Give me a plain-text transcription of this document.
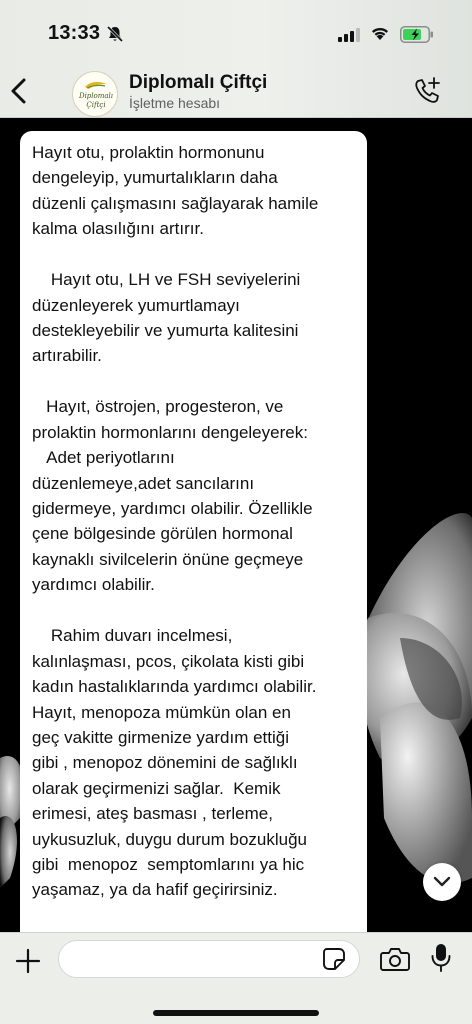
13:33
Diplomalı
Çiftçi
Diplomalı Çiftçi
İşletme hesabı
Hayıt otu, prolaktin hormonunu
dengeleyip, yumurtalıkların daha
düzenli çalışmasını sağlayarak hamile
kalma olasılığını artırır.
Hayıt otu, LH ve FSH seviyelerini
düzenleyerek yumurtlamayı
destekleyebilir ve yumurta kalitesini
artırabilir.
Hayıt, östrojen, progesteron, ve
prolaktin hormonlarını dengeleyerek:
Adet periyotlarını
düzenlemeye,adet sancılarını
gidermeye, yardımcı olabilir. Özellikle
çene bölgesinde görülen hormonal
kaynaklı sivilcelerin önüne geçmeye
yardımcı olabilir.
Rahim duvarı incelmesi,
kalınlaşması, pcos, çikolata kisti gibi
kadın hastalıklarında yardımcı olabilir.
Hayıt, menopoza mümkün olan en
geç vakitte girmenize yardım ettiği
gibi , menopoz dönemini de sağlıklı
olarak geçirmenizi sağlar.  Kemik
erimesi, ateş basması , terleme,
uykusuzluk, duygu durum bozukluğu
gibi  menopoz  semptomlarını ya hic
yaşamaz, ya da hafif geçirirsiniz.
